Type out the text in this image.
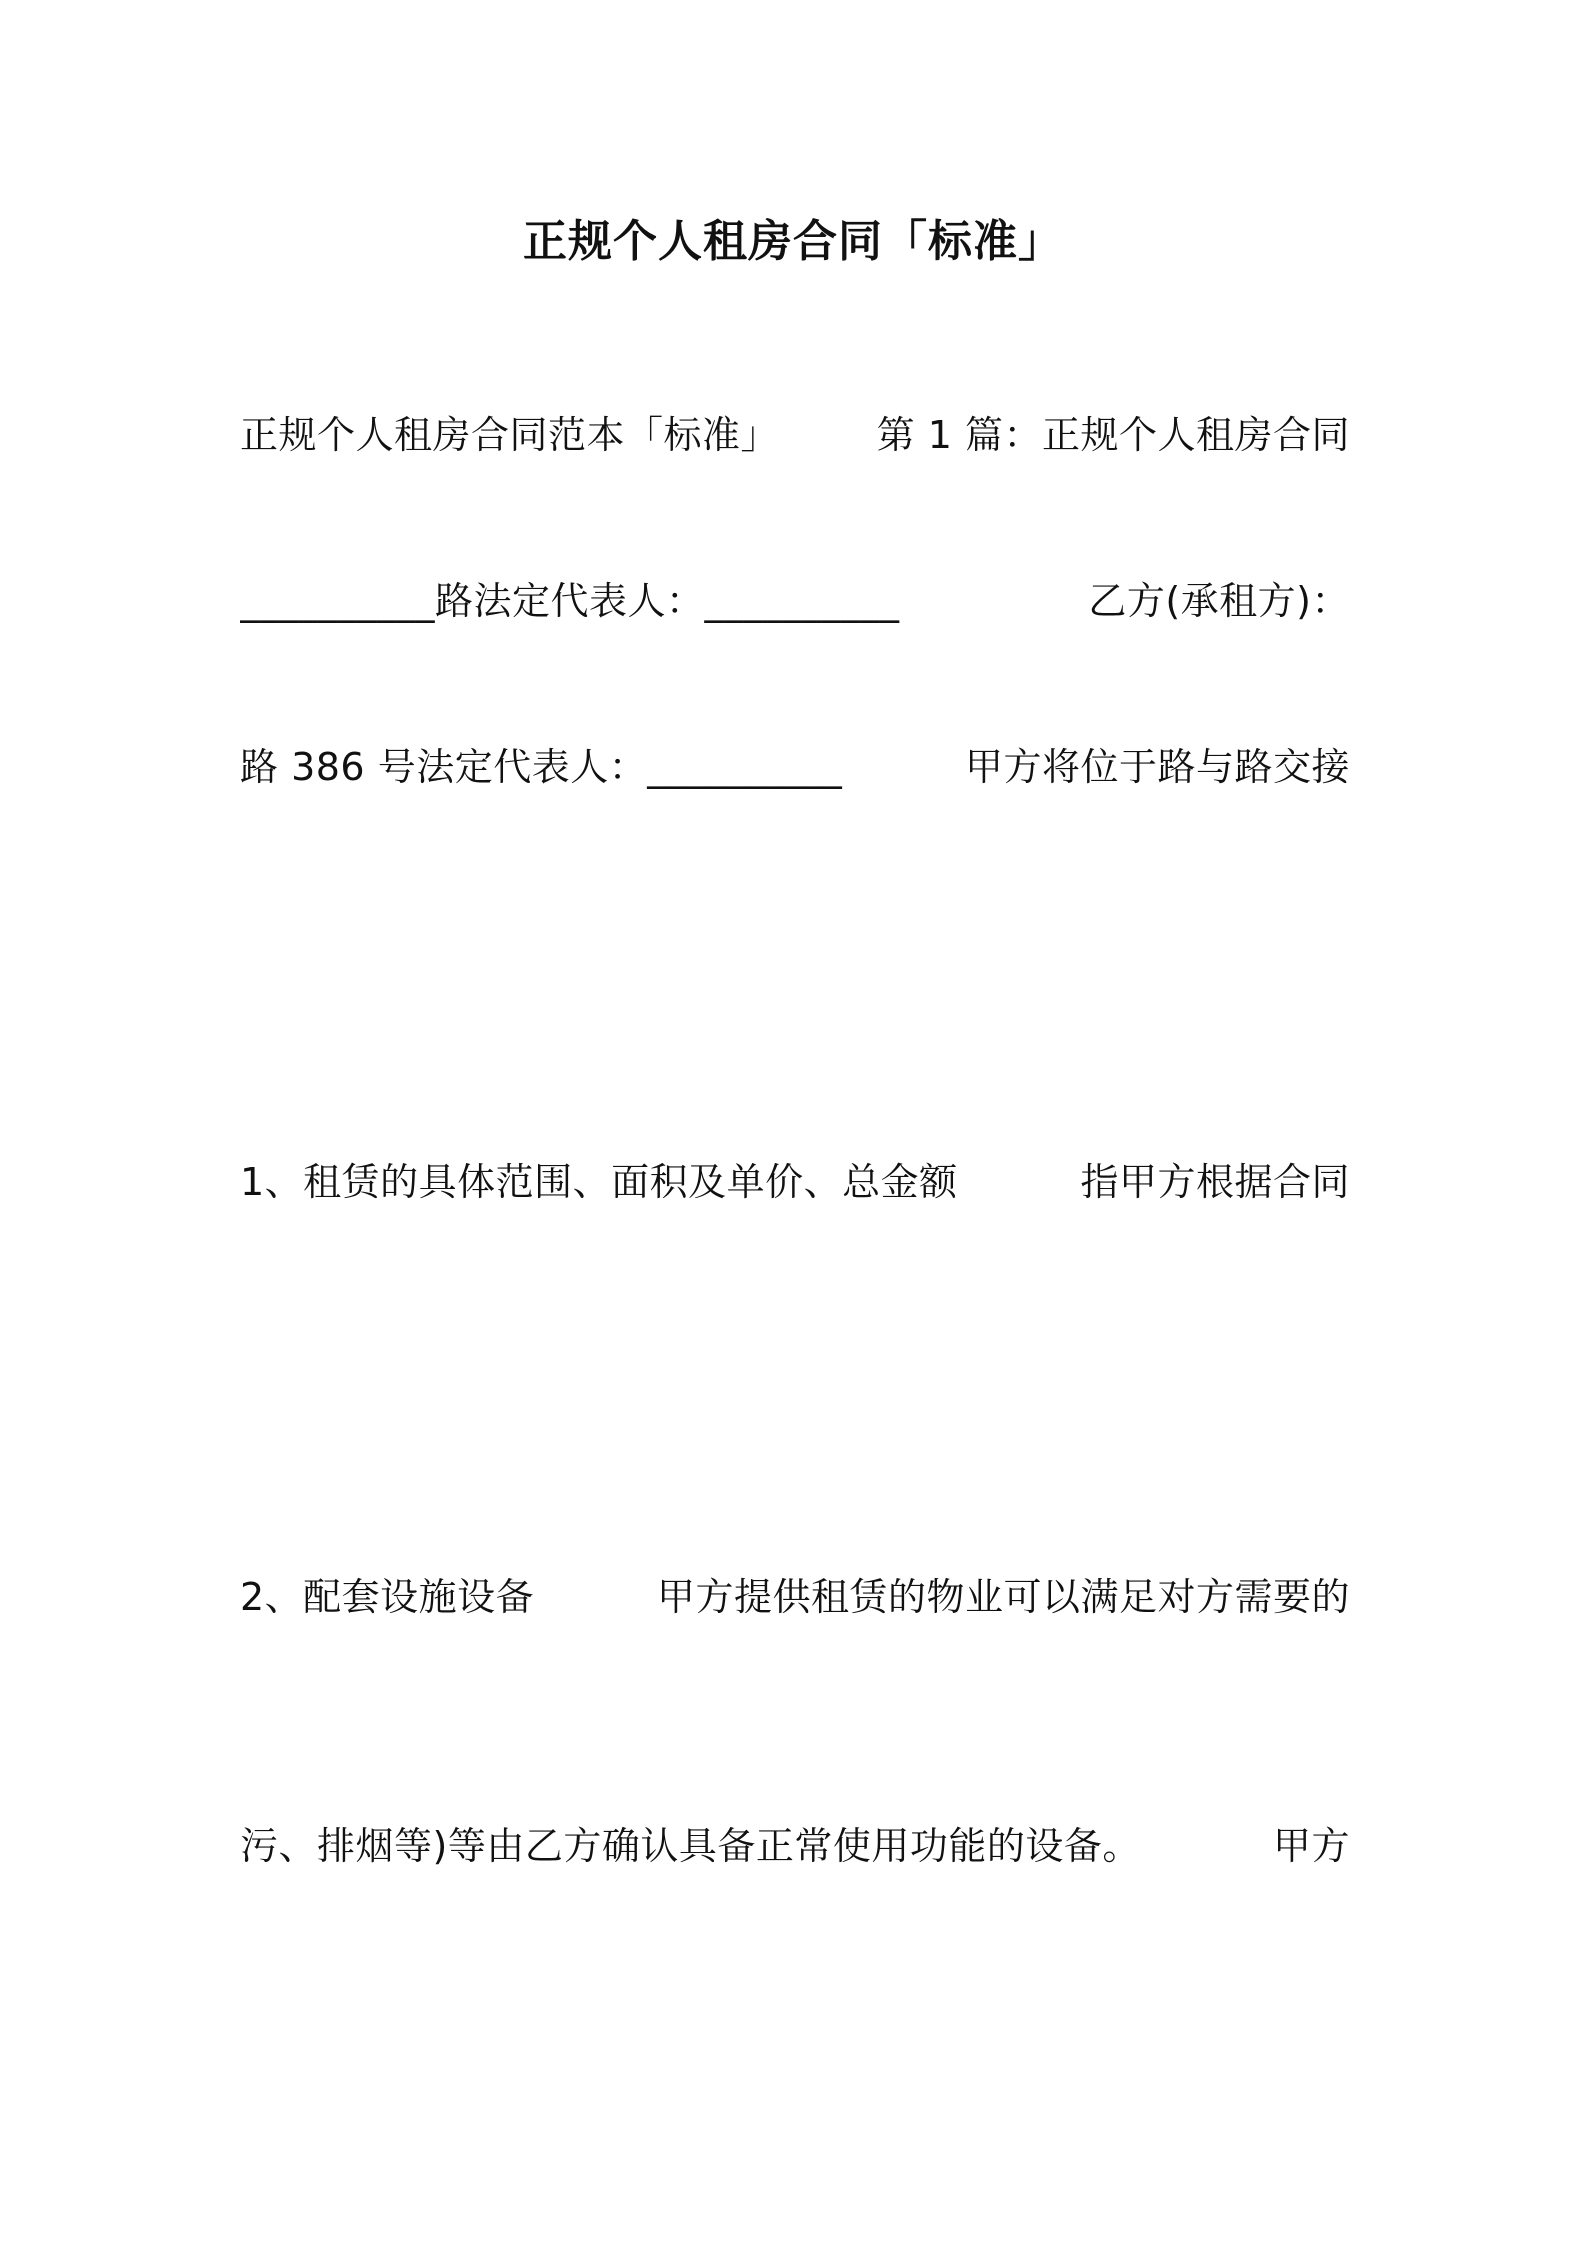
正规个人租房合同「标准」
正规个人租房合同范本「标准」	第 1 篇：正规个人租房合同

__________路法定代表人：__________	乙方(承租方)：

路 386 号法定代表人：__________	甲方将位于路与路交接

1、租赁的具体范围、面积及单价、总金额	指甲方根据合同

2、配套设施设备	甲方提供租赁的物业可以满足对方需要的

污、排烟等)等由乙方确认具备正常使用功能的设备。	甲方
